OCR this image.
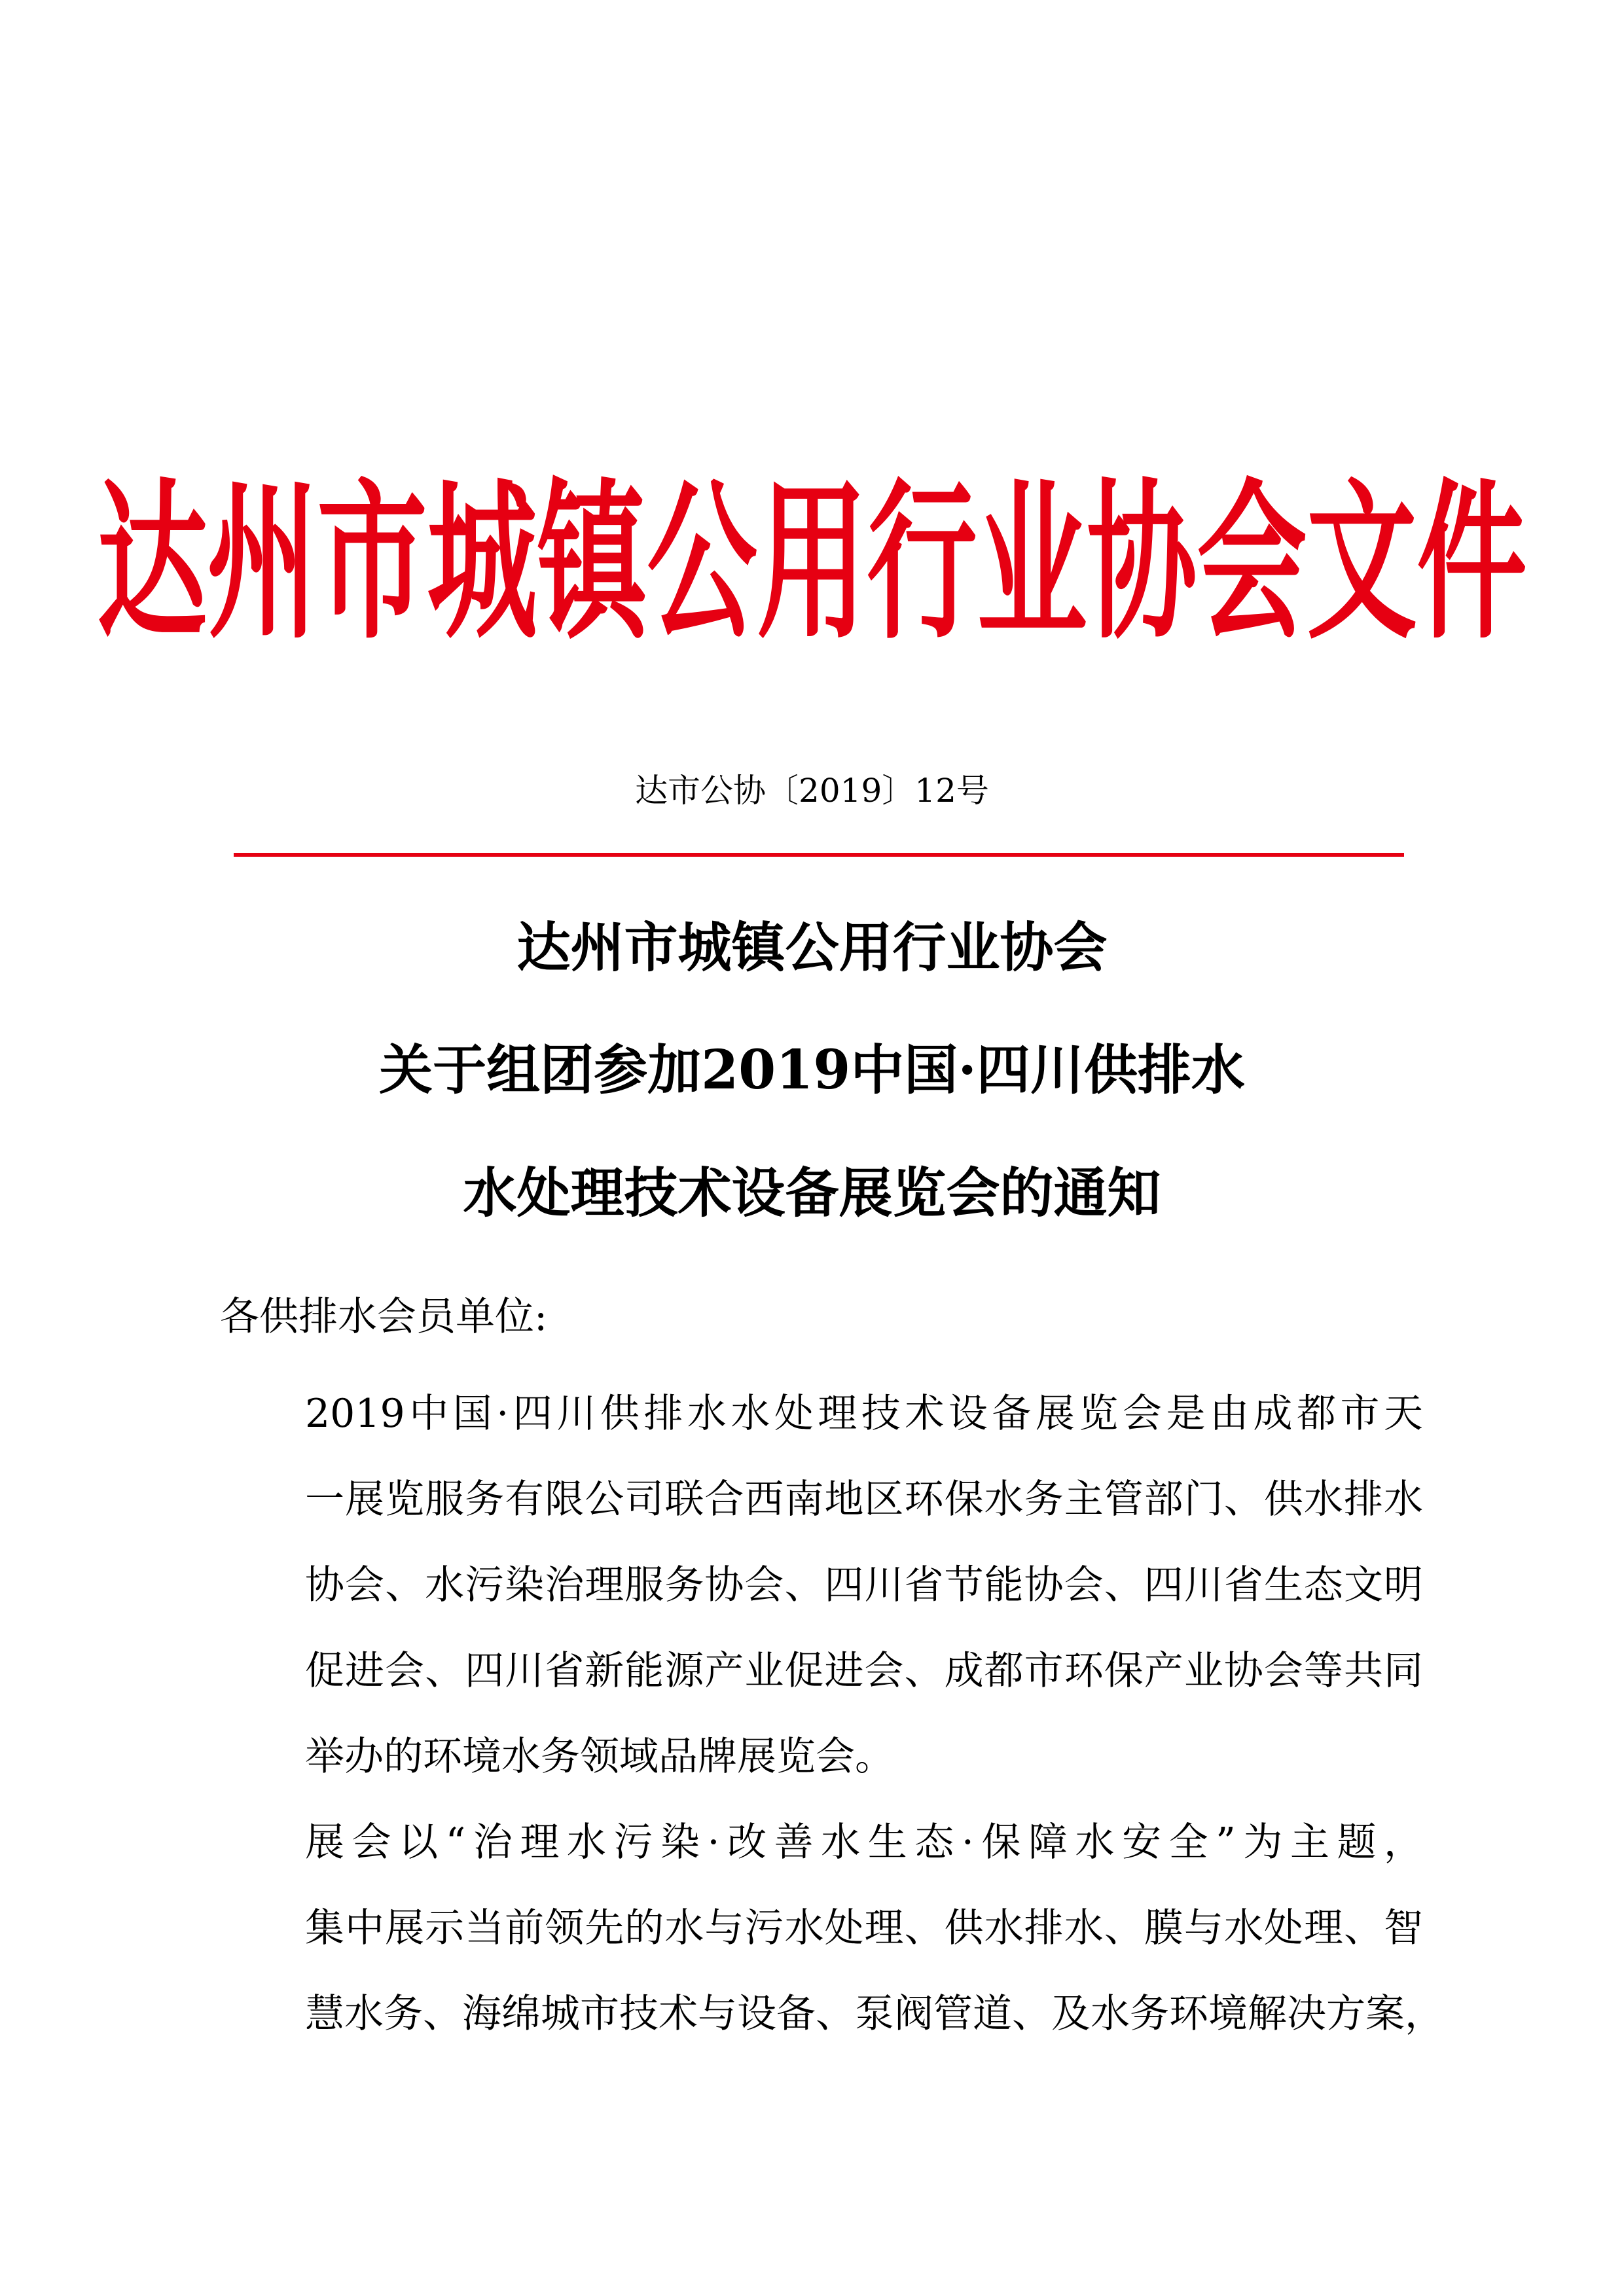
达州市城镇公用行业协会文件
达市公协〔2019〕12号
达州市城镇公用行业协会
关于组团参加2019中国·四川供排水
水处理技术设备展览会的通知
各供排水会员单位:
2019中国·四川供排水水处理技术设备展览会是由成都市天
一展览服务有限公司联合西南地区环保水务主管部门、供水排水
协会、水污染治理服务协会、四川省节能协会、四川省生态文明
促进会、四川省新能源产业促进会、成都市环保产业协会等共同
举办的环境水务领域品牌展览会。
展会以“治理水污染·改善水生态·保障水安全”为主题，
集中展示当前领先的水与污水处理、供水排水、膜与水处理、智
慧水务、海绵城市技术与设备、泵阀管道、及水务环境解决方案，
